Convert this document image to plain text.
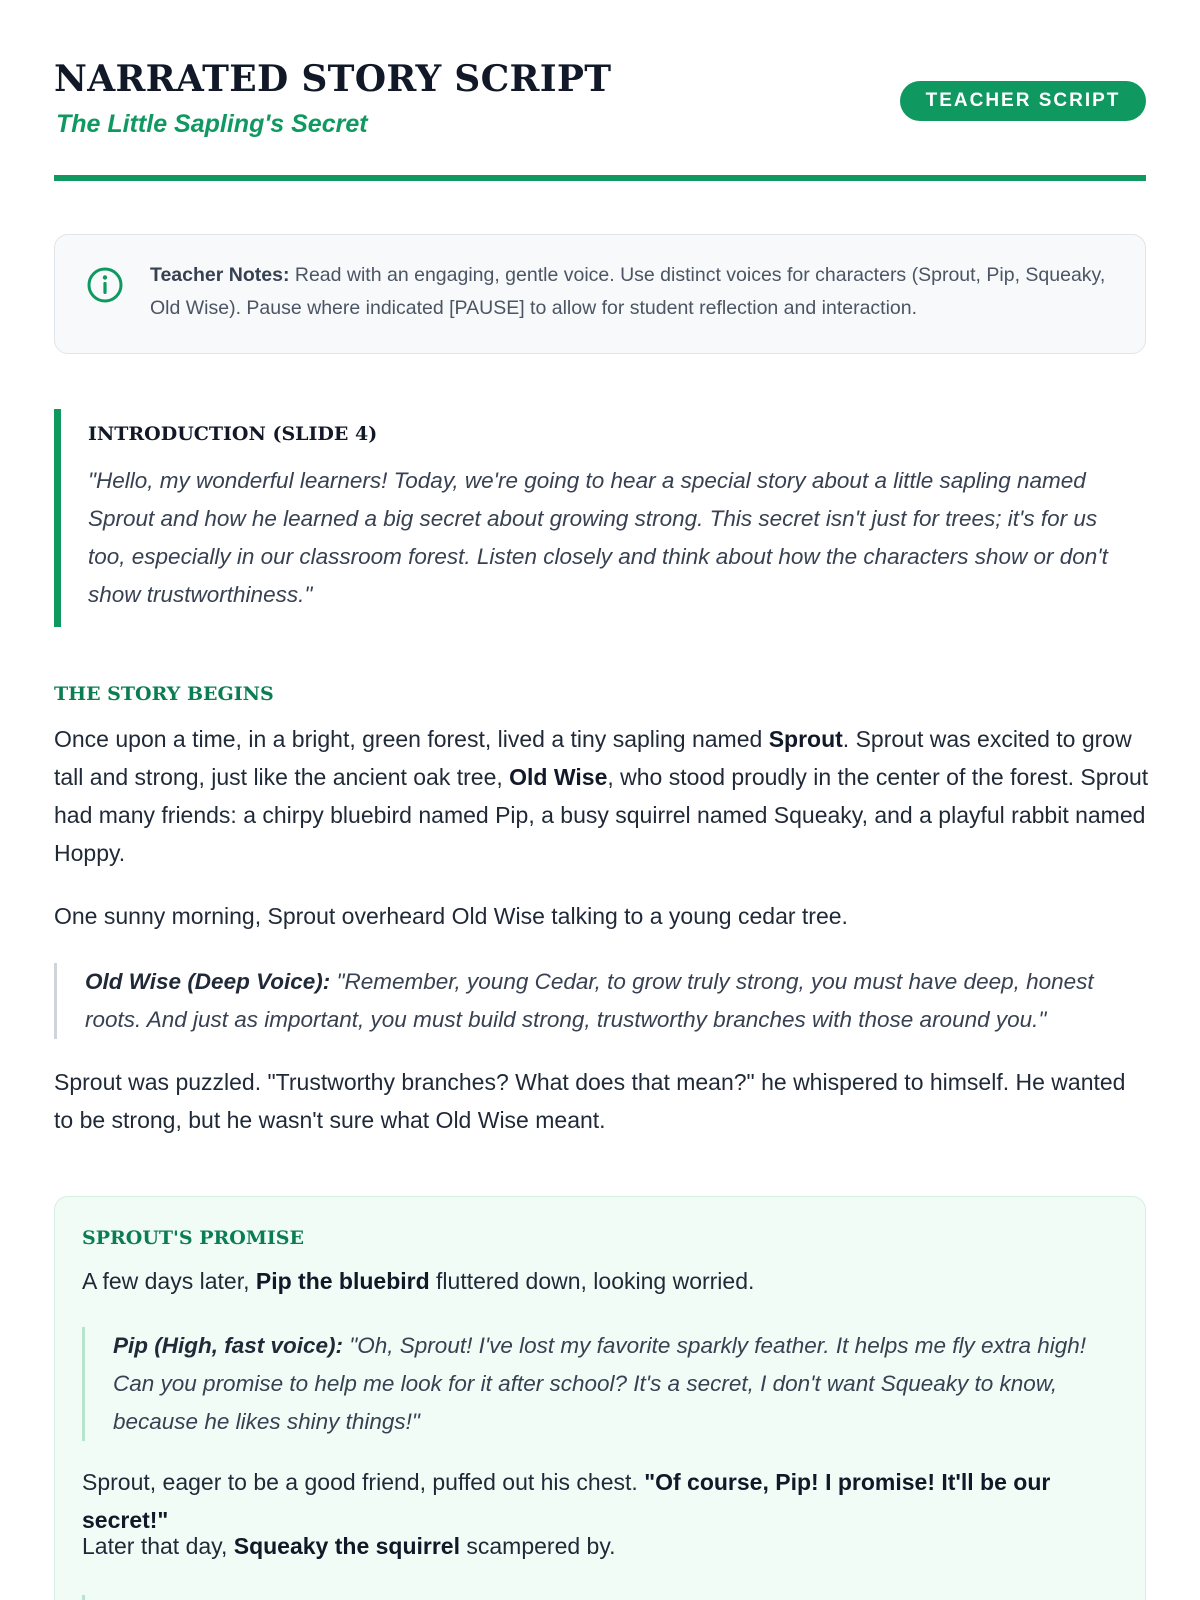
NARRATED STORY SCRIPT
The Little Sapling's Secret
TEACHER SCRIPT
Teacher Notes: Read with an engaging, gentle voice. Use distinct voices for characters (Sprout, Pip, Squeaky, Old Wise). Pause where indicated [PAUSE] to allow for student reflection and interaction.
INTRODUCTION (SLIDE 4)
"Hello, my wonderful learners! Today, we're going to hear a special story about a little sapling named Sprout and how he learned a big secret about growing strong. This secret isn't just for trees; it's for us too, especially in our classroom forest. Listen closely and think about how the characters show or don't show trustworthiness."
THE STORY BEGINS
Once upon a time, in a bright, green forest, lived a tiny sapling named Sprout. Sprout was excited to grow tall and strong, just like the ancient oak tree, Old Wise, who stood proudly in the center of the forest. Sprout had many friends: a chirpy bluebird named Pip, a busy squirrel named Squeaky, and a playful rabbit named Hoppy.
One sunny morning, Sprout overheard Old Wise talking to a young cedar tree.
Old Wise (Deep Voice): "Remember, young Cedar, to grow truly strong, you must have deep, honest roots. And just as important, you must build strong, trustworthy branches with those around you."
Sprout was puzzled. "Trustworthy branches? What does that mean?" he whispered to himself. He wanted to be strong, but he wasn't sure what Old Wise meant.
SPROUT'S PROMISE
A few days later, Pip the bluebird fluttered down, looking worried.
Pip (High, fast voice): "Oh, Sprout! I've lost my favorite sparkly feather. It helps me fly extra high! Can you promise to help me look for it after school? It's a secret, I don't want Squeaky to know, because he likes shiny things!"
Sprout, eager to be a good friend, puffed out his chest. "Of course, Pip! I promise! It'll be our secret!"
Later that day, Squeaky the squirrel scampered by.
